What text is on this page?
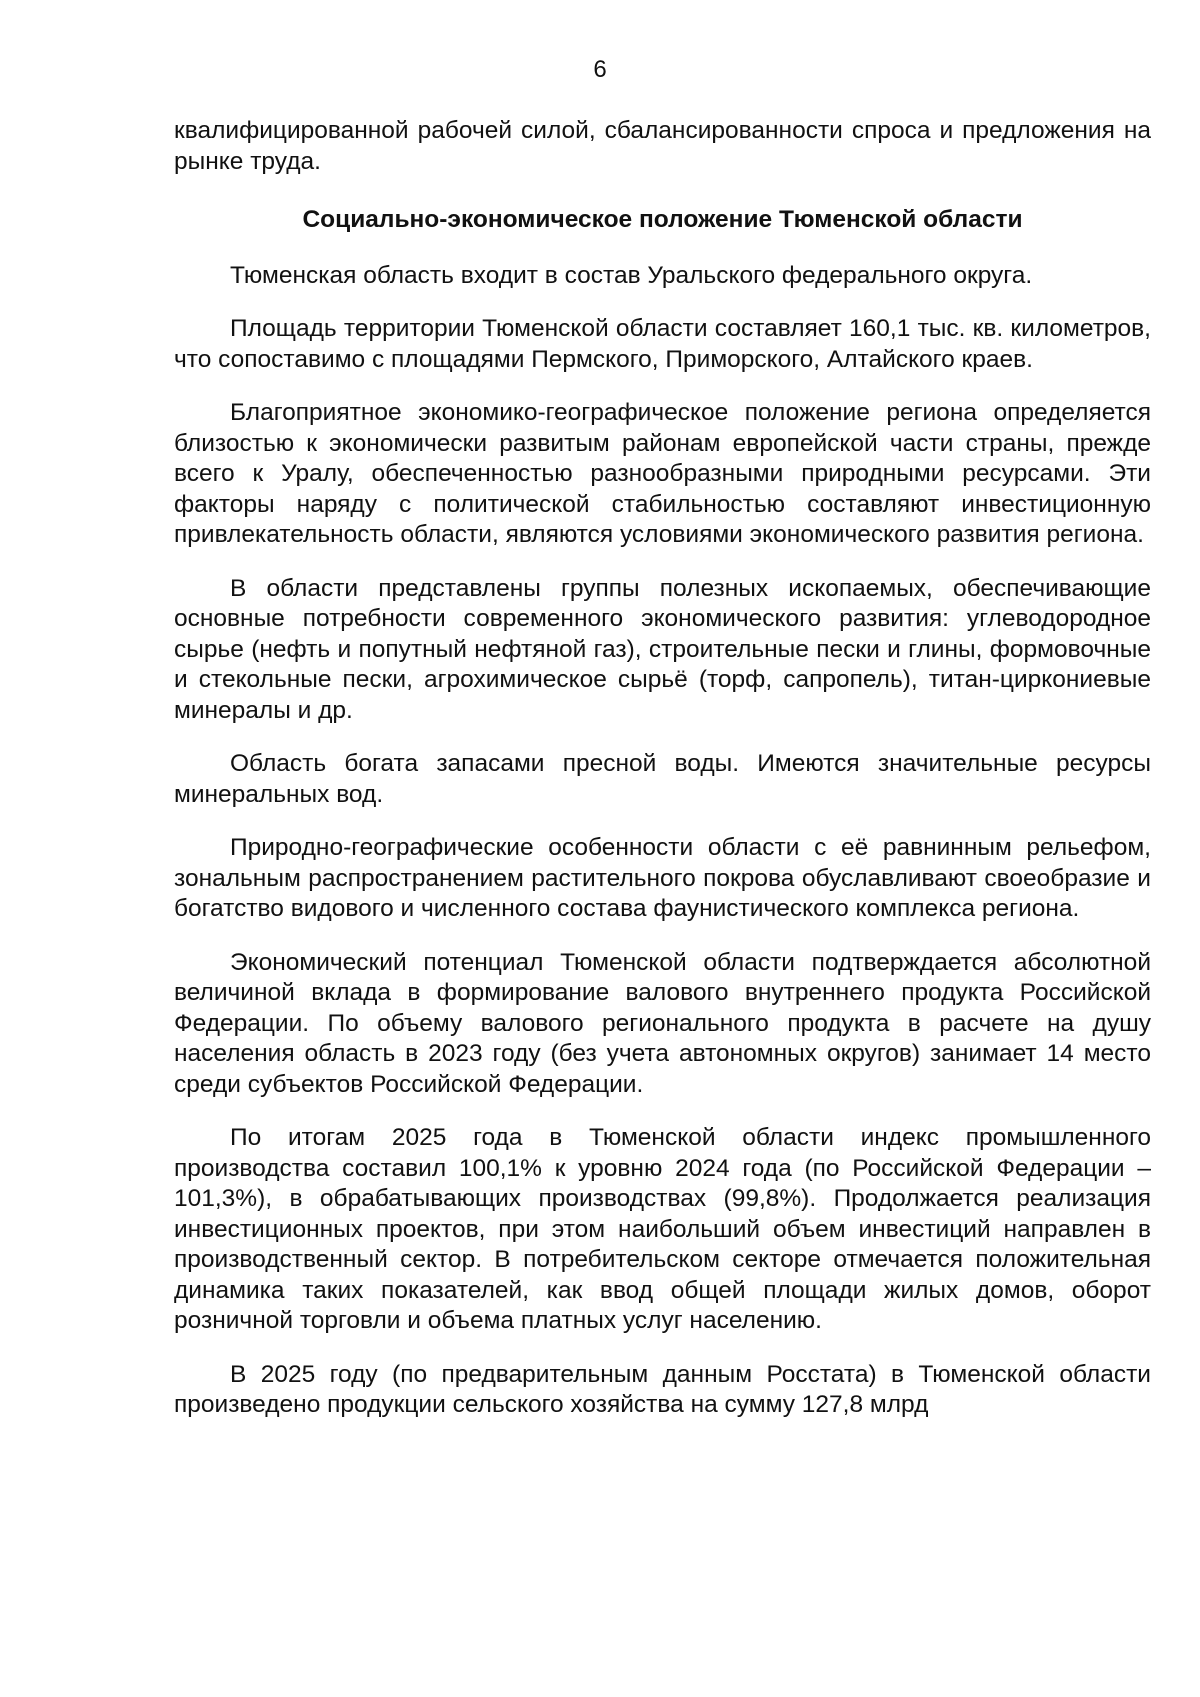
6

квалифицированной рабочей силой, сбалансированности спроса и предложения на рынке труда.

Социально-экономическое положение Тюменской области

Тюменская область входит в состав Уральского федерального округа.

Площадь территории Тюменской области составляет 160,1 тыс. кв. километров, что сопоставимо с площадями Пермского, Приморского, Алтайского краев.

Благоприятное экономико-географическое положение региона определяется близостью к экономически развитым районам европейской части страны, прежде всего к Уралу, обеспеченностью разнообразными природными ресурсами. Эти факторы наряду с политической стабильностью составляют инвестиционную привлекательность области, являются условиями экономического развития региона.

В области представлены группы полезных ископаемых, обеспечивающие основные потребности современного экономического развития: углеводородное сырье (нефть и попутный нефтяной газ), строительные пески и глины, формовочные и стекольные пески, агрохимическое сырьё (торф, сапропель), титан-циркониевые минералы и др.

Область богата запасами пресной воды. Имеются значительные ресурсы минеральных вод.

Природно-географические особенности области с её равнинным рельефом, зональным распространением растительного покрова обуславливают своеобразие и богатство видового и численного состава фаунистического комплекса региона.

Экономический потенциал Тюменской области подтверждается абсолютной величиной вклада в формирование валового внутреннего продукта Российской Федерации. По объему валового регионального продукта в расчете на душу населения область в 2023 году (без учета автономных округов) занимает 14 место среди субъектов Российской Федерации.

По итогам 2025 года в Тюменской области индекс промышленного производства составил 100,1% к уровню 2024 года (по Российской Федерации – 101,3%), в обрабатывающих производствах (99,8%). Продолжается реализация инвестиционных проектов, при этом наибольший объем инвестиций направлен в производственный сектор. В потребительском секторе отмечается положительная динамика таких показателей, как ввод общей площади жилых домов, оборот розничной торговли и объема платных услуг населению.

В 2025 году (по предварительным данным Росстата) в Тюменской области произведено продукции сельского хозяйства на сумму 127,8 млрд
